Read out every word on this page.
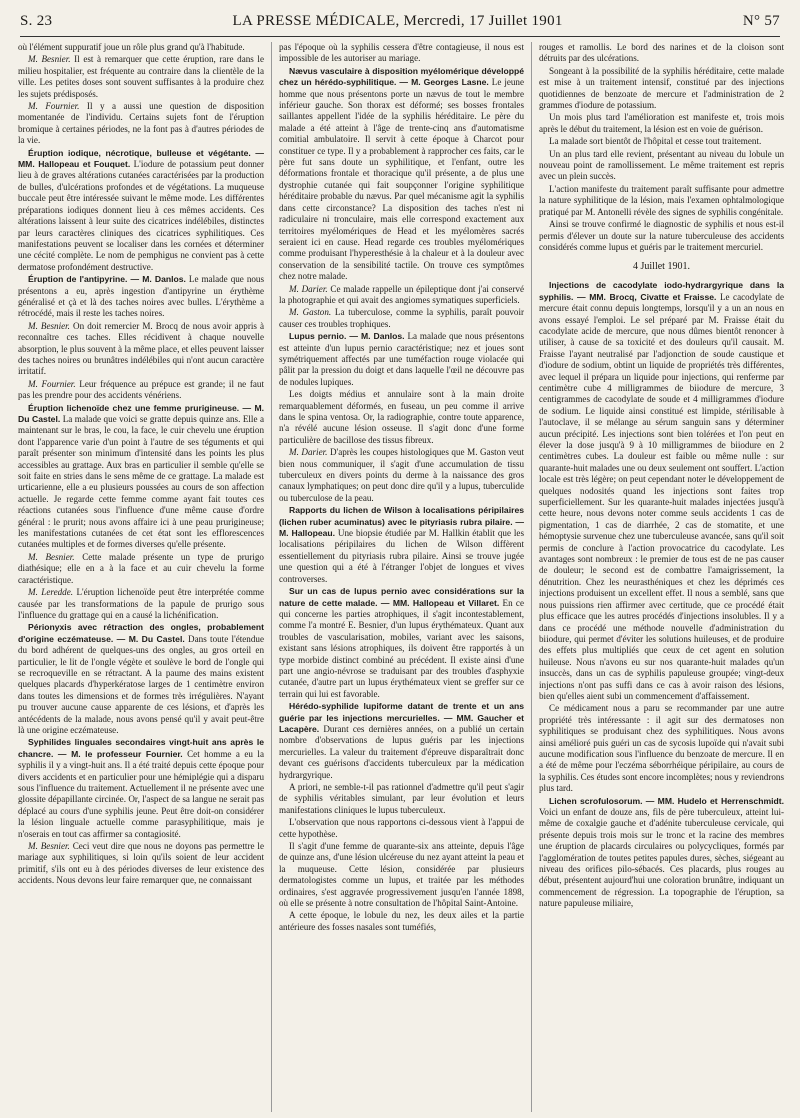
S. 23	LA PRESSE MÉDICALE, Mercredi, 17 Juillet 1901	N° 57

où l'élément suppuratif joue un rôle plus grand qu'à l'habitude.

M. Besnier. Il est à remarquer que cette éruption, rare dans le milieu hospitalier, est fréquente au contraire dans la clientèle de la ville. Les petites doses sont souvent suffisantes à la produire chez les sujets prédisposés.

M. Fournier. Il y a aussi une question de disposition momentanée de l'individu. Certains sujets font de l'éruption bromique à certaines périodes, ne la font pas à d'autres périodes de la vie.

Éruption iodique, nécrotique, bulleuse et végétante. — MM. Hallopeau et Fouquet. L'iodure de potassium peut donner lieu à de graves altérations cutanées caractérisées par la production de bulles, d'ulcérations profondes et de végétations. La muqueuse buccale peut être intéressée suivant le même mode. Les différentes préparations iodiques donnent lieu à ces mêmes accidents. Ces altérations laissent à leur suite des cicatrices indélébiles, distinctes par leurs caractères cliniques des cicatrices syphilitiques. Ces manifestations peuvent se localiser dans les cornées et déterminer une cécité complète. Le nom de pemphigus ne convient pas à cette dermatose profondément destructive.

Éruption de l'antipyrine. — M. Danlos. Le malade que nous présentons a eu, après ingestion d'antipyrine un érythème généralisé et çà et là des taches noires avec bulles. L'érythème a rétrocédé, mais il reste les taches noires.

M. Besnier. On doit remercier M. Brocq de nous avoir appris à reconnaître ces taches. Elles récidivent à chaque nouvelle absorption, le plus souvent à la même place, et elles peuvent laisser des taches noires ou brunâtres indélébiles qui n'ont aucun caractère irritatif.

M. Fournier. Leur fréquence au prépuce est grande; il ne faut pas les prendre pour des accidents vénériens.

Éruption lichenoïde chez une femme prurigineuse. — M. Du Castel. La malade que voici se gratte depuis quinze ans. Elle a maintenant sur le bras, le cou, la face, le cuir chevelu une éruption dont l'apparence varie d'un point à l'autre de ses téguments et qui paraît présenter son minimum d'intensité dans les points les plus accessibles au grattage. Aux bras en particulier il semble qu'elle se soit faite en stries dans le sens même de ce grattage. La malade est urticarienne, elle a eu plusieurs poussées au cours de son affection actuelle. Je regarde cette femme comme ayant fait toutes ces réactions cutanées sous l'influence d'une même cause d'ordre général : le prurit; nous avons affaire ici à une peau prurigineuse; les manifestations cutanées de cet état sont les efflorescences cutanées multiples et de formes diverses qu'elle présente.

M. Besnier. Cette malade présente un type de prurigo diathésique; elle en a à la face et au cuir chevelu la forme caractéristique.

M. Leredde. L'éruption lichenoïde peut être interprétée comme causée par les transformations de la papule de prurigo sous l'influence du grattage qui en a causé la lichénification.

Périonyxis avec rétraction des ongles, probablement d'origine eczémateuse. — M. Du Castel. Dans toute l'étendue du bord adhérent de quelques-uns des ongles, au gros orteil en particulier, le lit de l'ongle végète et soulève le bord de l'ongle qui se recroqueville en se rétractant. A la paume des mains existent quelques placards d'hyperkératose larges de 1 centimètre environ dans toutes les dimensions et de formes très irrégulières. N'ayant pu trouver aucune cause apparente de ces lésions, et d'après les antécédents de la malade, nous avons pensé qu'il y avait peut-être là une origine eczémateuse.

Syphilides linguales secondaires vingt-huit ans après le chancre. — M. le professeur Fournier. Cet homme a eu la syphilis il y a vingt-huit ans. Il a été traité depuis cette époque pour divers accidents et en particulier pour une hémiplégie qui a disparu sous l'influence du traitement. Actuellement il ne présente avec une glossite dépapillante circinée. Or, l'aspect de sa langue ne serait pas déplacé au cours d'une syphilis jeune. Peut être doit-on considérer la lésion linguale actuelle comme parasyphilitique, mais je n'oserais en tout cas affirmer sa contagiosité.

M. Besnier. Ceci veut dire que nous ne doyons pas permettre le mariage aux syphilitiques, si loin qu'ils soient de leur accident primitif, s'ils ont eu à des périodes diverses de leur existence des accidents. Nous devons leur faire remarquer que, ne connaissant

pas l'époque où la syphilis cessera d'être contagieuse, il nous est impossible de les autoriser au mariage.

Nævus vasculaire à disposition myélomérique développé chez un hérédo-syphilitique. — M. Georges Lasne. Le jeune homme que nous présentons porte un nævus de tout le membre inférieur gauche. Son thorax est déformé; ses bosses frontales saillantes appellent l'idée de la syphilis héréditaire. Le père du malade a été atteint à l'âge de trente-cinq ans d'automatisme comitial ambulatoire. Il servit à cette époque à Charcot pour constituer ce type. Il y a probablement à rapprocher ces faits, car le père fut sans doute un syphilitique, et l'enfant, outre les déformations frontale et thoracique qu'il présente, a de plus une dystrophie cutanée qui fait soupçonner l'origine syphilitique héréditaire probable du nævus. Par quel mécanisme agit la syphilis dans cette circonstance? La disposition des taches n'est ni radiculaire ni tronculaire, mais elle correspond exactement aux territoires myélomériques de Head et les myélomères sacrés seraient ici en cause. Head regarde ces troubles myélomériques comme produisant l'hyperesthésie à la chaleur et à la douleur avec conservation de la sensibilité tactile. On trouve ces symptômes chez notre malade.

M. Darier. Ce malade rappelle un épileptique dont j'ai conservé la photographie et qui avait des angiomes symatiques superficiels.

M. Gaston. La tuberculose, comme la syphilis, paraît pouvoir causer ces troubles trophiques.

Lupus pernio. — M. Danlos. La malade que nous présentons est atteinte d'un lupus pernio caractéristique; nez et joues sont symétriquement affectés par une tuméfaction rouge violacée qui pâlit par la pression du doigt et dans laquelle l'œil ne découvre pas de nodules lupiques.

Les doigts médius et annulaire sont à la main droite remarquablement déformés, en fuseau, un peu comme il arrive dans le spina ventosa. Or, la radiographie, contre toute apparence, n'a révélé aucune lésion osseuse. Il s'agit donc d'une forme particulière de bacillose des tissus fibreux.

M. Darier. D'après les coupes histologiques que M. Gaston veut bien nous communiquer, il s'agit d'une accumulation de tissu tuberculeux en divers points du derme à la naissance des gros canaux lymphatiques; on peut donc dire qu'il y a lupus, tuberculide ou tuberculose de la peau.

Rapports du lichen de Wilson à localisations péripilaires (lichen ruber acuminatus) avec le pityriasis rubra pilaire. — M. Hallopeau. Une biopsie étudiée par M. Hallkin établit que les localisations péripilaires du lichen de Wilson diffèrent essentiellement du pityriasis rubra pilaire. Ainsi se trouve jugée une question qui a été à l'étranger l'objet de longues et vives controverses.

Sur un cas de lupus pernio avec considérations sur la nature de cette malade. — MM. Hallopeau et Villaret. En ce qui concerne les parties atrophiques, il s'agit incontestablement, comme l'a montré E. Besnier, d'un lupus érythémateux. Quant aux troubles de vascularisation, mobiles, variant avec les saisons, existant sans lésions atrophiques, ils doivent être rapportés à un type morbide distinct combiné au précédent. Il existe ainsi d'une part une angio-névrose se traduisant par des troubles d'asphyxie cutanée, d'autre part un lupus érythémateux vient se greffer sur ce terrain qui lui est favorable.

Hérédo-syphilide lupiforme datant de trente et un ans guérie par les injections mercurielles. — MM. Gaucher et Lacapère. Durant ces dernières années, on a publié un certain nombre d'observations de lupus guéris par les injections mercurielles. La valeur du traitement d'épreuve disparaîtrait donc devant ces guérisons d'accidents tuberculeux par la médication hydrargyrique.

A priori, ne semble-t-il pas rationnel d'admettre qu'il peut s'agir de syphilis véritables simulant, par leur évolution et leurs manifestations cliniques le lupus tuberculeux.

L'observation que nous rapportons ci-dessous vient à l'appui de cette hypothèse.

Il s'agit d'une femme de quarante-six ans atteinte, depuis l'âge de quinze ans, d'une lésion ulcéreuse du nez ayant atteint la peau et la muqueuse. Cette lésion, considérée par plusieurs dermatologistes comme un lupus, et traitée par les méthodes ordinaires, s'est aggravée progressivement jusqu'en l'année 1898, où elle se présente à notre consultation de l'hôpital Saint-Antoine.

A cette époque, le lobule du nez, les deux ailes et la partie antérieure des fosses nasales sont tuméfiés,

rouges et ramollis. Le bord des narines et de la cloison sont détruits par des ulcérations.

Songeant à la possibilité de la syphilis héréditaire, cette malade est mise à un traitement intensif, constitué par des injections quotidiennes de benzoate de mercure et l'administration de 2 grammes d'iodure de potassium.

Un mois plus tard l'amélioration est manifeste et, trois mois après le début du traitement, la lésion est en voie de guérison.

La malade sort bientôt de l'hôpital et cesse tout traitement.

Un an plus tard elle revient, présentant au niveau du lobule un nouveau point de ramollissement. Le même traitement est repris avec un plein succès.

L'action manifeste du traitement paraît suffisante pour admettre la nature syphilitique de la lésion, mais l'examen ophtalmologique pratiqué par M. Antonelli révèle des signes de syphilis congénitale.

Ainsi se trouve confirmé le diagnostic de syphilis et nous est-il permis d'élever un doute sur la nature tuberculeuse des accidents considérés comme lupus et guéris par le traitement mercuriel.

4 Juillet 1901.

Injections de cacodylate iodo-hydrargyrique dans la syphilis. — MM. Brocq, Civatte et Fraisse. Le cacodylate de mercure était connu depuis longtemps, lorsqu'il y a un an nous en avons essayé l'emploi. Le sel préparé par M. Fraisse était du cacodylate acide de mercure, que nous dûmes bientôt renoncer à utiliser, à cause de sa toxicité et des douleurs qu'il causait. M. Fraisse l'ayant neutralisé par l'adjonction de soude caustique et d'iodure de sodium, obtint un liquide de propriétés très différentes, avec lequel il prépara un liquide pour injections, qui renferme par centimètre cube 4 milligrammes de biiodure de mercure, 3 centigrammes de cacodylate de soude et 4 milligrammes d'iodure de sodium. Le liquide ainsi constitué est limpide, stérilisable à l'autoclave, il se mélange au sérum sanguin sans y déterminer aucun précipité. Les injections sont bien tolérées et l'on peut en élever la dose jusqu'à 9 à 10 milligrammes de biiodure en 2 centimètres cubes. La douleur est faible ou même nulle : sur quarante-huit malades une ou deux seulement ont souffert. L'action locale est très légère; on peut cependant noter le développement de quelques nodosités quand les injections sont faites trop superficiellement. Sur les quarante-huit malades injectées jusqu'à cette heure, nous devons noter comme seuls accidents 1 cas de pigmentation, 1 cas de diarrhée, 2 cas de stomatite, et une hémoptysie survenue chez une tuberculeuse avancée, sans qu'il soit permis de conclure à l'action provocatrice du cacodylate. Les avantages sont nombreux : le premier de tous est de ne pas causer de douleur; le second est de combattre l'amaigrissement, la dénutrition. Chez les neurasthéniques et chez les déprimés ces injections produisent un excellent effet. Il nous a semblé, sans que nous puissions rien affirmer avec certitude, que ce procédé était plus efficace que les autres procédés d'injections insolubles. Il y a dans ce procédé une méthode nouvelle d'administration du biiodure, qui permet d'éviter les solutions huileuses, et de produire des effets plus multipliés que ceux de cet agent en solution huileuse. Nous n'avons eu sur nos quarante-huit malades qu'un insuccès, dans un cas de syphilis papuleuse groupée; vingt-deux injections n'ont pas suffi dans ce cas à avoir raison des lésions, bien qu'elles aient subi un commencement d'affaissement.

Ce médicament nous a paru se recommander par une autre propriété très intéressante : il agit sur des dermatoses non syphilitiques se produisant chez des syphilitiques. Nous avons ainsi amélioré puis guéri un cas de sycosis lupoïde qui n'avait subi aucune modification sous l'influence du benzoate de mercure. Il en a été de même pour l'eczéma séborrhéique péripilaire, au cours de la syphilis. Ces études sont encore incomplètes; nous y reviendrons plus tard.

Lichen scrofulosorum. — MM. Hudelo et Herrenschmidt. Voici un enfant de douze ans, fils de père tuberculeux, atteint lui-même de coxalgie gauche et d'adénite tuberculeuse cervicale, qui présente depuis trois mois sur le tronc et la racine des membres une éruption de placards circulaires ou polycycliques, formés par l'agglomération de toutes petites papules dures, sèches, siégeant au niveau des orifices pilo-sébacés. Ces placards, plus rouges au début, présentent aujourd'hui une coloration brunâtre, indiquant un commencement de régression. La topographie de l'éruption, sa nature papuleuse miliaire,
